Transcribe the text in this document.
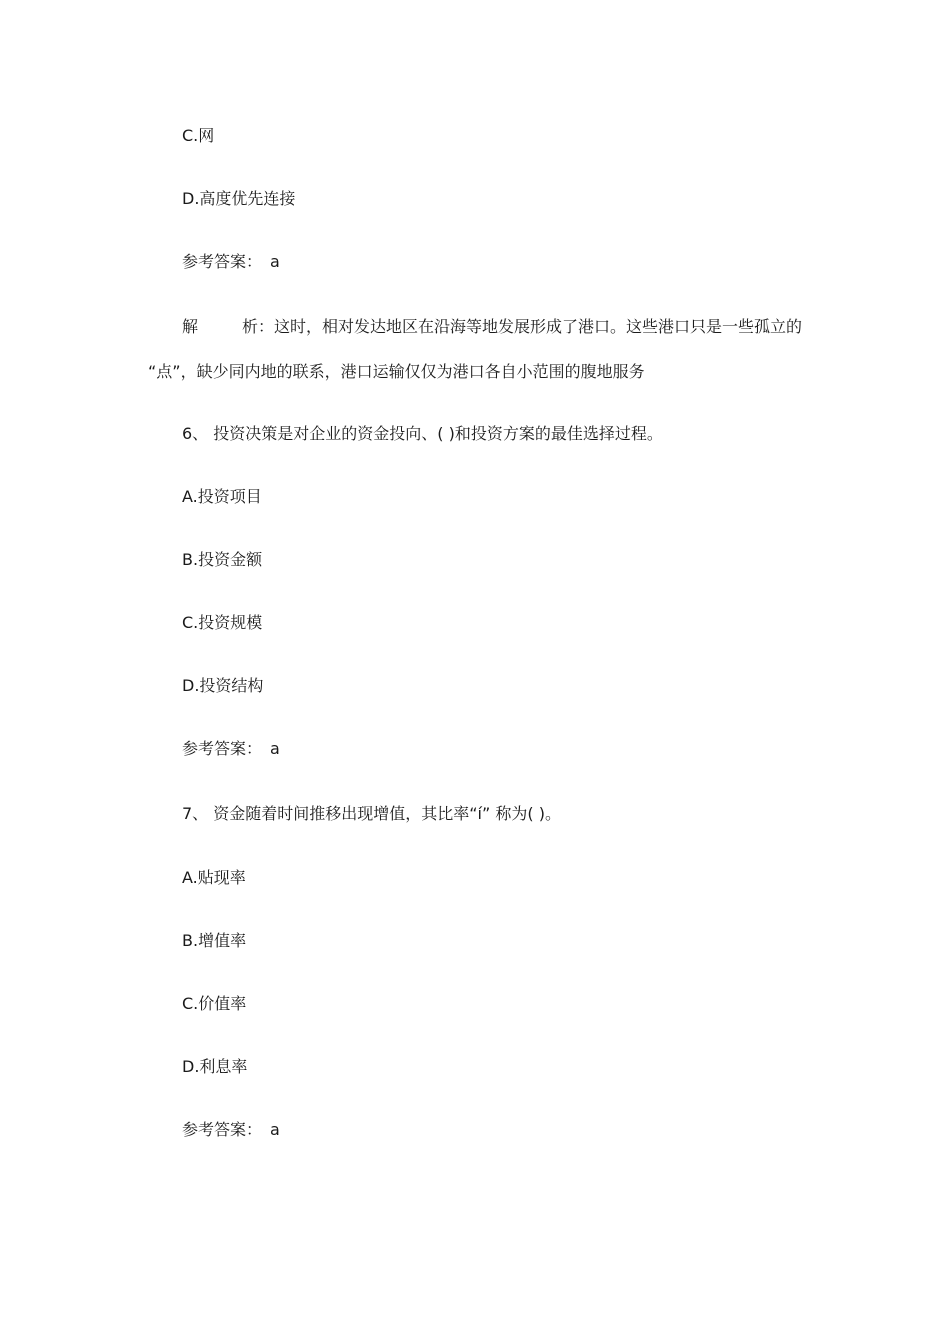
C.网
D.高度优先连接
参考答案： a
解	析：这时，相对发达地区在沿海等地发展形成了港口。这些港口只是一些孤立的
“点”，缺少同内地的联系，港口运输仅仅为港口各自小范围的腹地服务
6、 投资决策是对企业的资金投向、( )和投资方案的最佳选择过程。
A.投资项目
B.投资金额
C.投资规模
D.投资结构
参考答案： a
7、 资金随着时间推移出现增值，其比率“í” 称为( )。
A.贴现率
B.增值率
C.价值率
D.利息率
参考答案： a
